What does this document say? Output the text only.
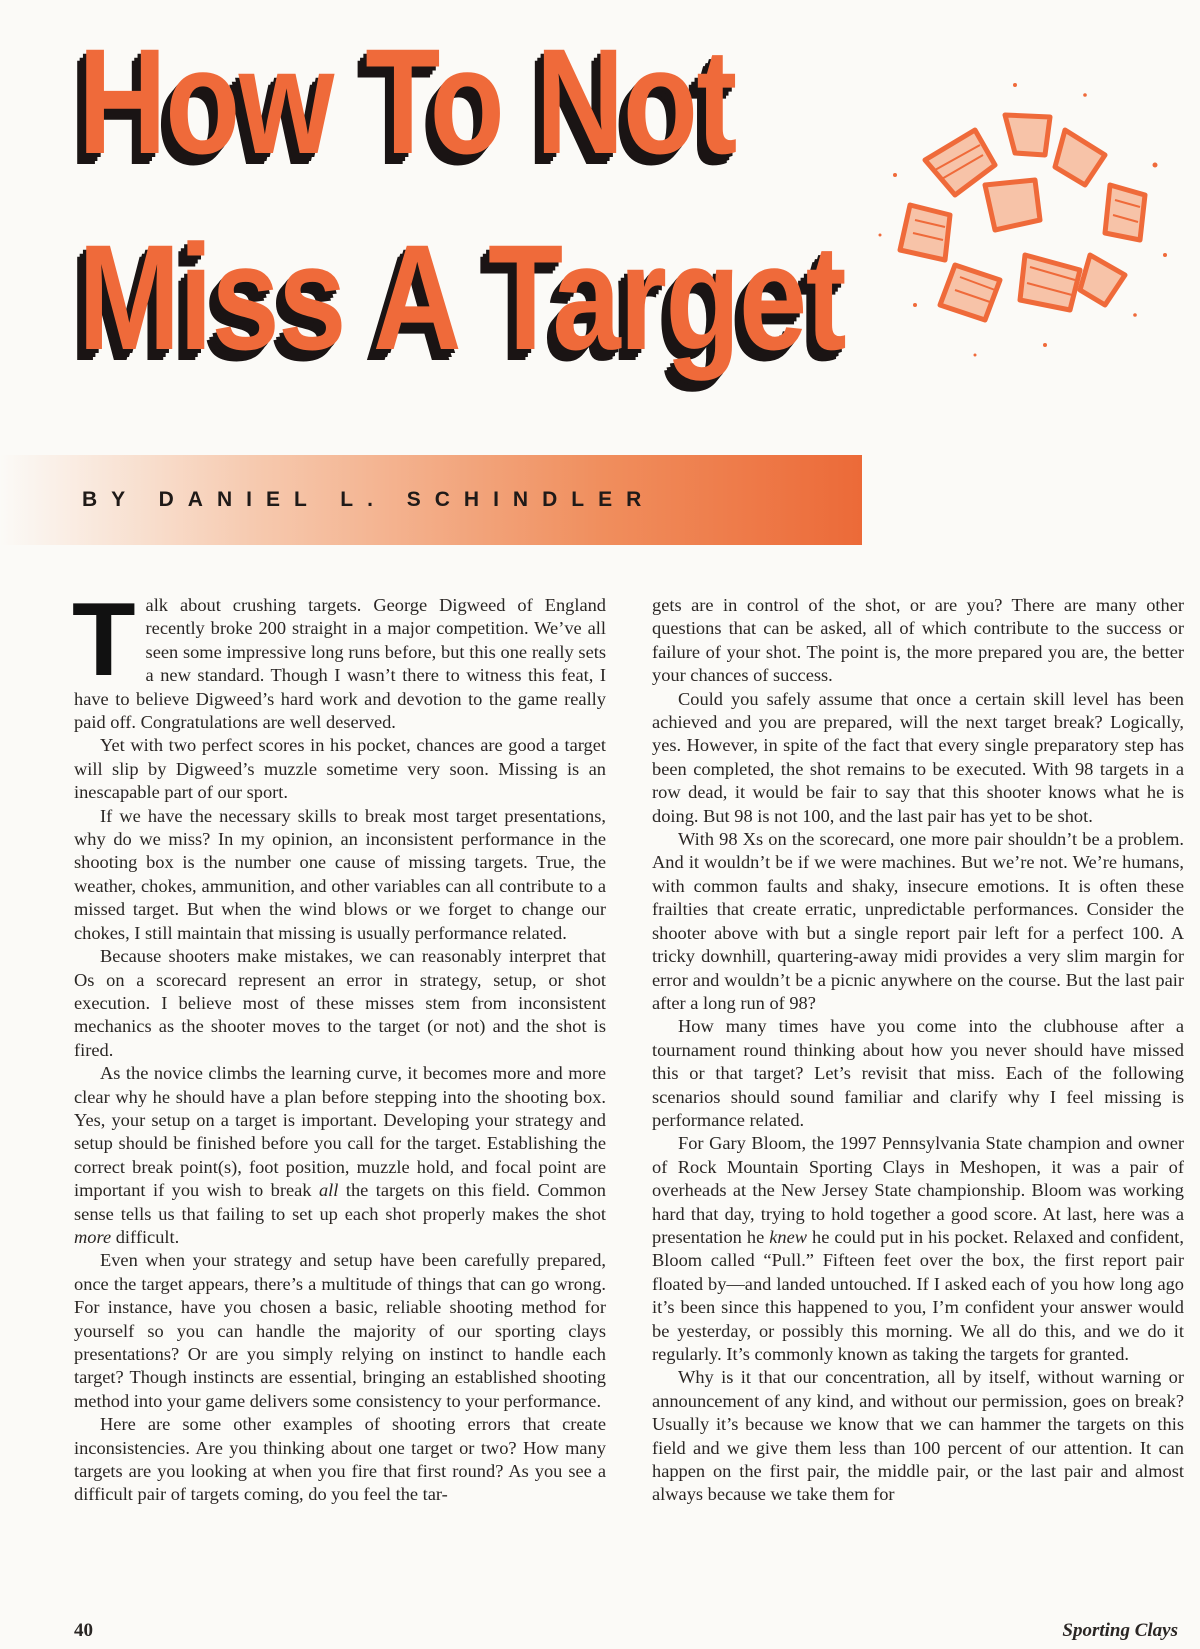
How To Not
Miss A Target
BY DANIEL L. SCHINDLER

Talk about crushing targets. George Digweed of England recently broke 200 straight in a major competition. We’ve all seen some impressive long runs before, but this one really sets a new standard. Though I wasn’t there to witness this feat, I have to believe Digweed’s hard work and devotion to the game really paid off. Congratulations are well deserved.

Yet with two perfect scores in his pocket, chances are good a target will slip by Digweed’s muzzle sometime very soon. Missing is an inescapable part of our sport.

If we have the necessary skills to break most target presentations, why do we miss? In my opinion, an inconsistent performance in the shooting box is the number one cause of missing targets. True, the weather, chokes, ammunition, and other variables can all contribute to a missed target. But when the wind blows or we forget to change our chokes, I still maintain that missing is usually performance related.

Because shooters make mistakes, we can reasonably interpret that Os on a scorecard represent an error in strategy, setup, or shot execution. I believe most of these misses stem from inconsistent mechanics as the shooter moves to the target (or not) and the shot is fired.

As the novice climbs the learning curve, it becomes more and more clear why he should have a plan before stepping into the shooting box. Yes, your setup on a target is important. Developing your strategy and setup should be finished before you call for the target. Establishing the correct break point(s), foot position, muzzle hold, and focal point are important if you wish to break all the targets on this field. Common sense tells us that failing to set up each shot properly makes the shot more difficult.

Even when your strategy and setup have been carefully prepared, once the target appears, there’s a multitude of things that can go wrong. For instance, have you chosen a basic, reliable shooting method for yourself so you can handle the majority of our sporting clays presentations? Or are you simply relying on instinct to handle each target? Though instincts are essential, bringing an established shooting method into your game delivers some consistency to your performance.

Here are some other examples of shooting errors that create inconsistencies. Are you thinking about one target or two? How many targets are you looking at when you fire that first round? As you see a difficult pair of targets coming, do you feel the tar-

gets are in control of the shot, or are you? There are many other questions that can be asked, all of which contribute to the success or failure of your shot. The point is, the more prepared you are, the better your chances of success.

Could you safely assume that once a certain skill level has been achieved and you are prepared, will the next target break? Logically, yes. However, in spite of the fact that every single preparatory step has been completed, the shot remains to be executed. With 98 targets in a row dead, it would be fair to say that this shooter knows what he is doing. But 98 is not 100, and the last pair has yet to be shot.

With 98 Xs on the scorecard, one more pair shouldn’t be a problem. And it wouldn’t be if we were machines. But we’re not. We’re humans, with common faults and shaky, insecure emotions. It is often these frailties that create erratic, unpredictable performances. Consider the shooter above with but a single report pair left for a perfect 100. A tricky downhill, quartering-away midi provides a very slim margin for error and wouldn’t be a picnic anywhere on the course. But the last pair after a long run of 98?

How many times have you come into the clubhouse after a tournament round thinking about how you never should have missed this or that target? Let’s revisit that miss. Each of the following scenarios should sound familiar and clarify why I feel missing is performance related.

For Gary Bloom, the 1997 Pennsylvania State champion and owner of Rock Mountain Sporting Clays in Meshopen, it was a pair of overheads at the New Jersey State championship. Bloom was working hard that day, trying to hold together a good score. At last, here was a presentation he knew he could put in his pocket. Relaxed and confident, Bloom called “Pull.” Fifteen feet over the box, the first report pair floated by—and landed untouched. If I asked each of you how long ago it’s been since this happened to you, I’m confident your answer would be yesterday, or possibly this morning. We all do this, and we do it regularly. It’s commonly known as taking the targets for granted.

Why is it that our concentration, all by itself, without warning or announcement of any kind, and without our permission, goes on break? Usually it’s because we know that we can hammer the targets on this field and we give them less than 100 percent of our attention. It can happen on the first pair, the middle pair, or the last pair and almost always because we take them for

40	Sporting Clays
